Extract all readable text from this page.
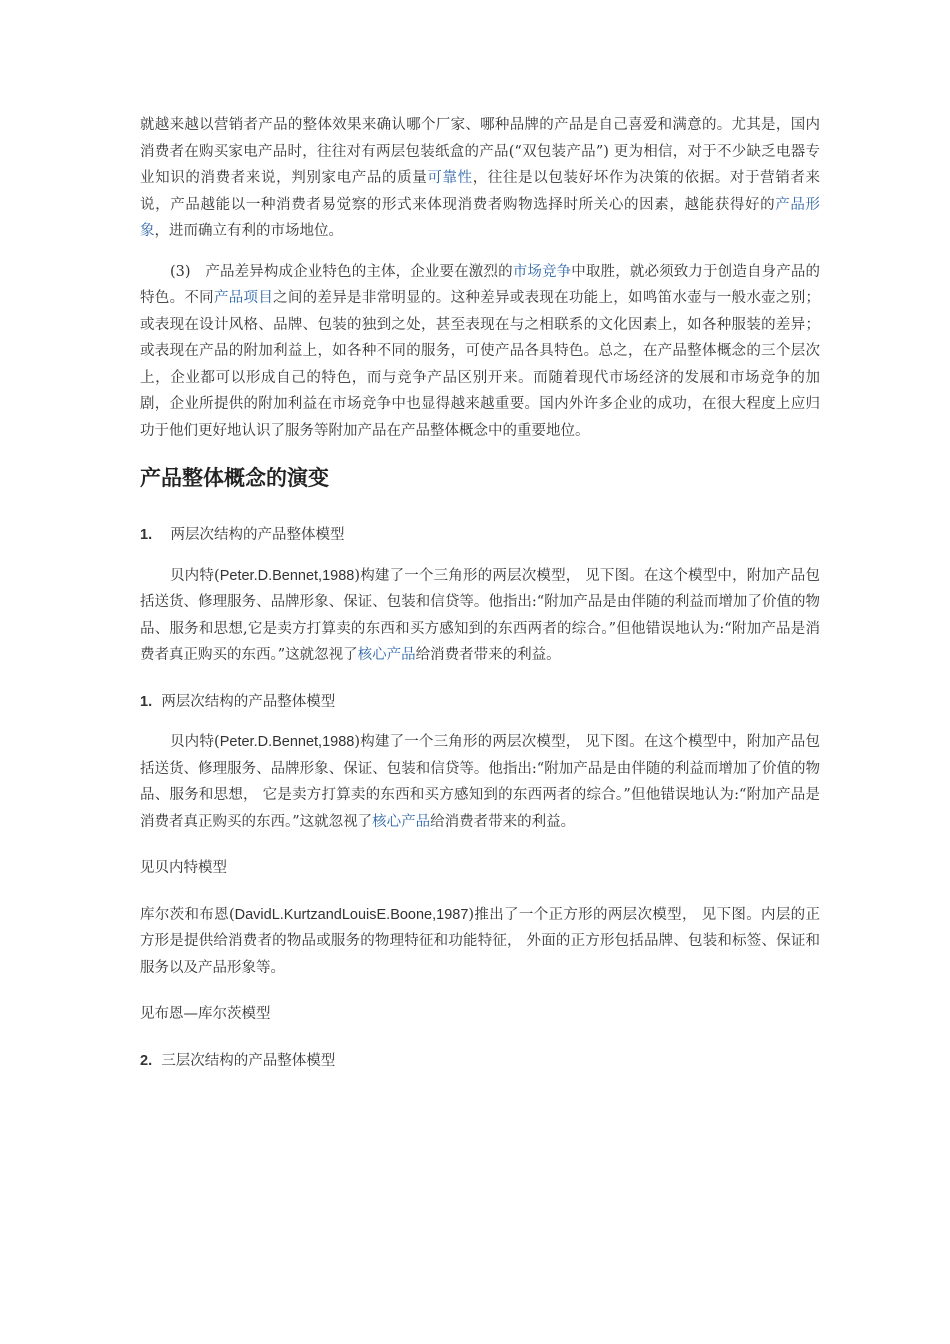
就越来越以营销者产品的整体效果来确认哪个厂家、哪种品牌的产品是自己喜爱和满意的。尤其是，国内消费者在购买家电产品时，往往对有两层包装纸盒的产品(“双包装产品”) 更为相信，对于不少缺乏电器专业知识的消费者来说，判别家电产品的质量可靠性，往往是以包装好坏作为决策的依据。对于营销者来说，产品越能以一种消费者易觉察的形式来体现消费者购物选择时所关心的因素，越能获得好的产品形象，进而确立有利的市场地位。

(3)　产品差异构成企业特色的主体，企业要在激烈的市场竞争中取胜，就必须致力于创造自身产品的特色。不同产品项目之间的差异是非常明显的。这种差异或表现在功能上，如鸣笛水壶与一般水壶之别；或表现在设计风格、品牌、包装的独到之处，甚至表现在与之相联系的文化因素上，如各种服装的差异；或表现在产品的附加利益上，如各种不同的服务，可使产品各具特色。总之，在产品整体概念的三个层次上，企业都可以形成自己的特色，而与竞争产品区别开来。而随着现代市场经济的发展和市场竞争的加剧，企业所提供的附加利益在市场竞争中也显得越来越重要。国内外许多企业的成功，在很大程度上应归功于他们更好地认识了服务等附加产品在产品整体概念中的重要地位。

产品整体概念的演变

1. 两层次结构的产品整体模型

贝内特(Peter.D.Bennet,1988)构建了一个三角形的两层次模型， 见下图。在这个模型中，附加产品包括送货、修理服务、品牌形象、保证、包装和信贷等。他指出:“附加产品是由伴随的利益而增加了价值的物品、服务和思想,它是卖方打算卖的东西和买方感知到的东西两者的综合。”但他错误地认为:“附加产品是消费者真正购买的东西。”这就忽视了核心产品给消费者带来的利益。

1. 两层次结构的产品整体模型

贝内特(Peter.D.Bennet,1988)构建了一个三角形的两层次模型， 见下图。在这个模型中，附加产品包括送货、修理服务、品牌形象、保证、包装和信贷等。他指出:“附加产品是由伴随的利益而增加了价值的物品、服务和思想， 它是卖方打算卖的东西和买方感知到的东西两者的综合。”但他错误地认为:“附加产品是消费者真正购买的东西。”这就忽视了核心产品给消费者带来的利益。

见贝内特模型

库尔茨和布恩(DavidL.KurtzandLouisE.Boone,1987)推出了一个正方形的两层次模型， 见下图。内层的正方形是提供给消费者的物品或服务的物理特征和功能特征， 外面的正方形包括品牌、包装和标签、保证和服务以及产品形象等。

见布恩—库尔茨模型

2. 三层次结构的产品整体模型
